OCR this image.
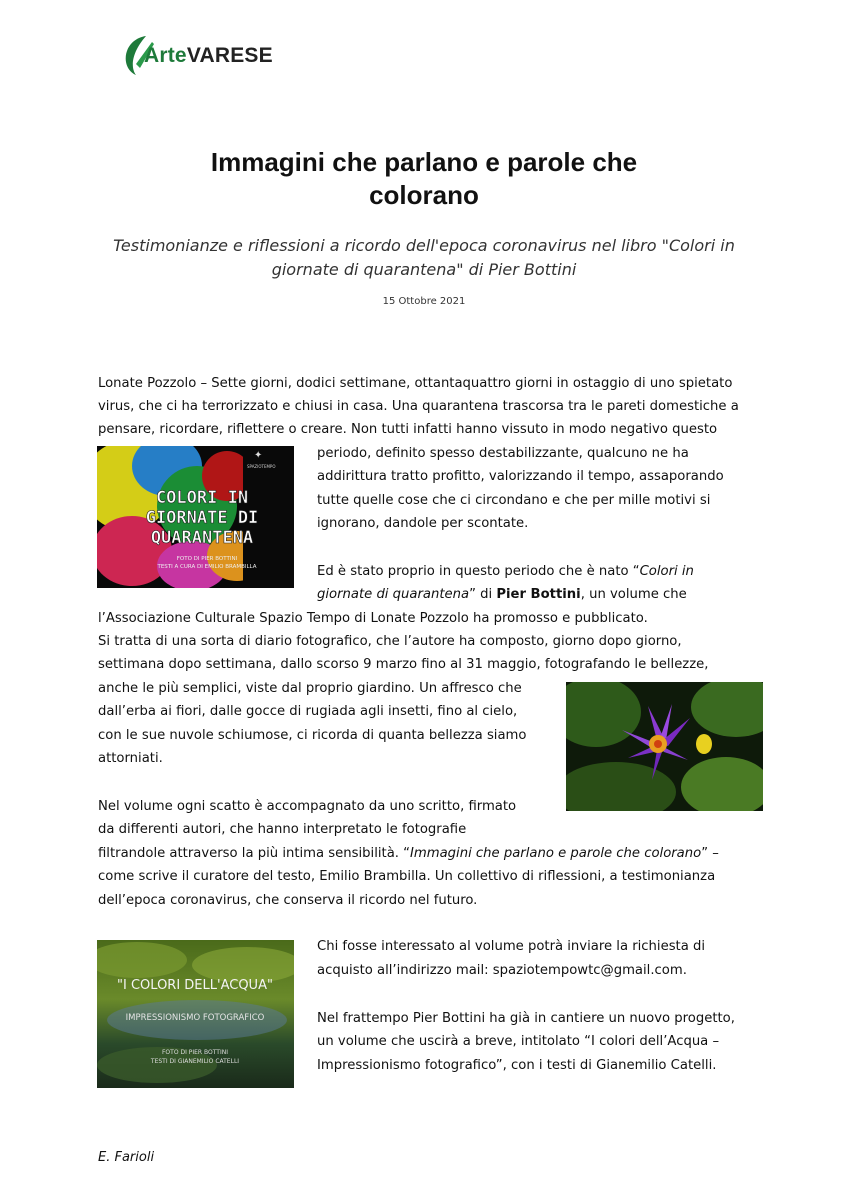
ArteVARESE
Immagini che parlano e parole che
colorano
Testimonianze e riflessioni a ricordo dell'epoca coronavirus nel libro "Colori in
giornate di quarantena" di Pier Bottini
15 Ottobre 2021
Lonate Pozzolo – Sette giorni, dodici settimane, ottantaquattro giorni in ostaggio di uno spietato
virus, che ci ha terrorizzato e chiusi in casa. Una quarantena trascorsa tra le pareti domestiche a
pensare, ricordare, riflettere o creare. Non tutti infatti hanno vissuto in modo negativo questo
periodo, definito spesso destabilizzante, qualcuno ne ha
addirittura tratto profitto, valorizzando il tempo, assaporando
tutte quelle cose che ci circondano e che per mille motivi si
ignorano, dandole per scontate.
Ed è stato proprio in questo periodo che è nato “Colori in
giornate di quarantena” di Pier Bottini, un volume che
l’Associazione Culturale Spazio Tempo di Lonate Pozzolo ha promosso e pubblicato.
Si tratta di una sorta di diario fotografico, che l’autore ha composto, giorno dopo giorno,
settimana dopo settimana, dallo scorso 9 marzo fino al 31 maggio, fotografando le bellezze,
anche le più semplici, viste dal proprio giardino. Un affresco che
dall’erba ai fiori, dalle gocce di rugiada agli insetti, fino al cielo,
con le sue nuvole schiumose, ci ricorda di quanta bellezza siamo
attorniati.
Nel volume ogni scatto è accompagnato da uno scritto, firmato
da differenti autori, che hanno interpretato le fotografie
filtrandole attraverso la più intima sensibilità. “Immagini che parlano e parole che colorano” –
come scrive il curatore del testo, Emilio Brambilla. Un collettivo di riflessioni, a testimonianza
dell’epoca coronavirus, che conserva il ricordo nel futuro.
Chi fosse interessato al volume potrà inviare la richiesta di
acquisto all’indirizzo mail: spaziotempowtc@gmail.com.
Nel frattempo Pier Bottini ha già in cantiere un nuovo progetto,
un volume che uscirà a breve, intitolato “I colori dell’Acqua –
Impressionismo fotografico”, con i testi di Gianemilio Catelli.
✦
SPAZIOTEMPO
COLORI IN
GIORNATE DI
QUARANTENA
FOTO DI PIER BOTTINI
TESTI A CURA DI EMILIO BRAMBILLA
"I COLORI DELL'ACQUA"
IMPRESSIONISMO FOTOGRAFICO
FOTO DI PIER BOTTINI
TESTI DI GIANEMILIO CATELLI
E. Farioli
